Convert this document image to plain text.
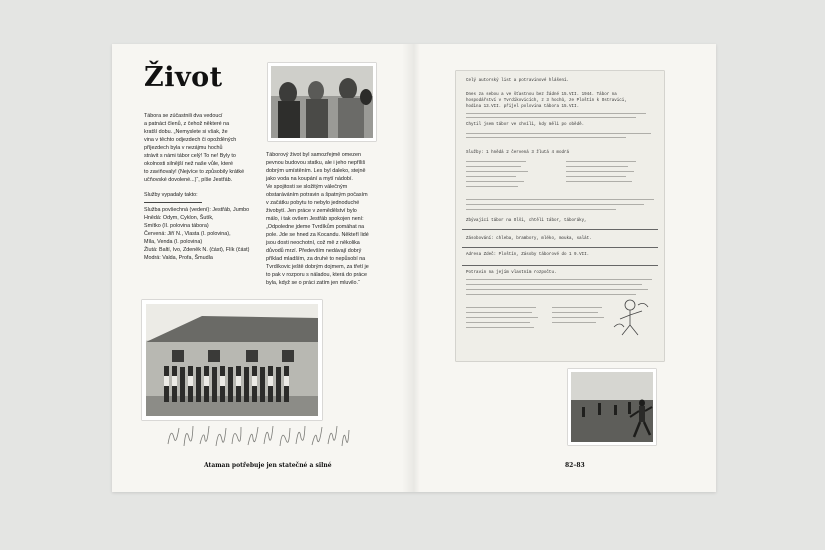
Život

Tábora se zúčastnili dva vedoucí

a patnáct členů, z čehož některé na

kratší dobu. „Nemyslete si však, že

vina v těchto odjezdech či opožděných

příjezdech byla v nezájmu hochů

strávit s námi tábor celý! To ne! Byly to

okolnosti silnější než naše vůle, které

to zaviňovaly! (Nejvíce to způsobily krátké

učňovské dovolené...)“, píše Jestřáb.

Služby vypadaly takto:

Služba povšechná (vedení): Jestřáb, Jumbo

Hnědá: Odym, Cyklon, Šutík,

Smítko (II. polovina tábora)

Červená: Jiří N., Vlasta (I. polovina),

Míla, Venda (I. polovina)

Žlutá: Baltí, Ivo, Zdeněk N. (část), Flík (část)

Modrá: Valda, Profa, Šmudla

Táborový život byl samozřejmě omezen

pevnou budovou statku, ale i jeho nepříliš

dobrým umístěním. Les byl daleko, stejně

jako voda na koupání a mytí nádobí.

Ve spojitosti se složitým válečným

obstaráváním potravin a špatným počasím

v začátku pobytu to nebylo jednoduché

živobytí. Jen práce v zemědělství bylo

málo, i tak ovšem Jestřáb spokojen není:

„Odpoledne jdeme Tvrdíkům pomáhat na

pole. Jde se hned za Kocandu. Někteří lidé

jsou dosti neochotní, což mě z několika

důvodů mrzí. Především nedávají dobrý

příklad mladším, za druhé to nepůsobí na

Tvrdíkovic ještě dobrým dojmem, za třetí je

to pak v rozporu s náladou, která do práce

byla, když se o práci zatím jen mluvilo.“

Ataman potřebuje jen statečné a silné

Celý autorský list a potravinové hlášení.

Dnes za sebou a ve šťastnou bez žádné 15.VII. 1944. Tábor na

hospodářství v Tvrdíkovicích, z 3 hochů, ze Ploštín k Ostravici,

hodina 13.VII. přijel polovina tábora 15.VII.

Chytil jsem tábor ve chvíli, kdy měli po obědě.

Služby: 1 hnědá 2 červená 3 žlutá 4 modrá

Zbývající tábor na Olši, chtěli tábor, táboráky,

Zásobování: chleba, brambory, mléko, mouka, salát.

Adresa Zdeč: Ploštín, Zásoby táborové do 1 9.VII.

Potravin na jejím vlastním rozpočtu.

82–83
